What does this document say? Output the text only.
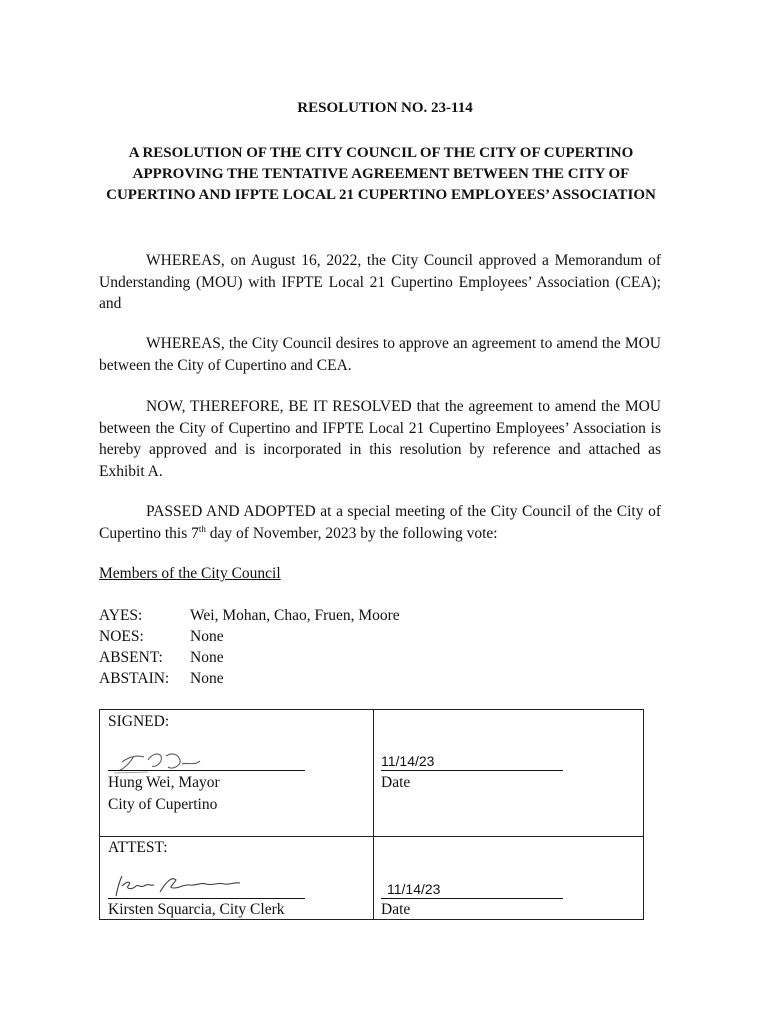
RESOLUTION NO. 23-114
A RESOLUTION OF THE CITY COUNCIL OF THE CITY OF CUPERTINO APPROVING THE TENTATIVE AGREEMENT BETWEEN THE CITY OF CUPERTINO AND IFPTE LOCAL 21 CUPERTINO EMPLOYEES’ ASSOCIATION

WHEREAS, on August 16, 2022, the City Council approved a Memorandum of Understanding (MOU) with IFPTE Local 21 Cupertino Employees’ Association (CEA); and

WHEREAS, the City Council desires to approve an agreement to amend the MOU between the City of Cupertino and CEA.

NOW, THEREFORE, BE IT RESOLVED that the agreement to amend the MOU between the City of Cupertino and IFPTE Local 21 Cupertino Employees’ Association is hereby approved and is incorporated in this resolution by reference and attached as Exhibit A.

PASSED AND ADOPTED at a special meeting of the City Council of the City of Cupertino this 7th day of November, 2023 by the following vote:

Members of the City Council
AYES:	Wei, Mohan, Chao, Fruen, Moore
NOES:	None
ABSENT: None
ABSTAIN: None
SIGNED:
Hung Wei, Mayor
City of Cupertino
11/14/23
Date
ATTEST:
Kirsten Squarcia, City Clerk
11/14/23
Date
